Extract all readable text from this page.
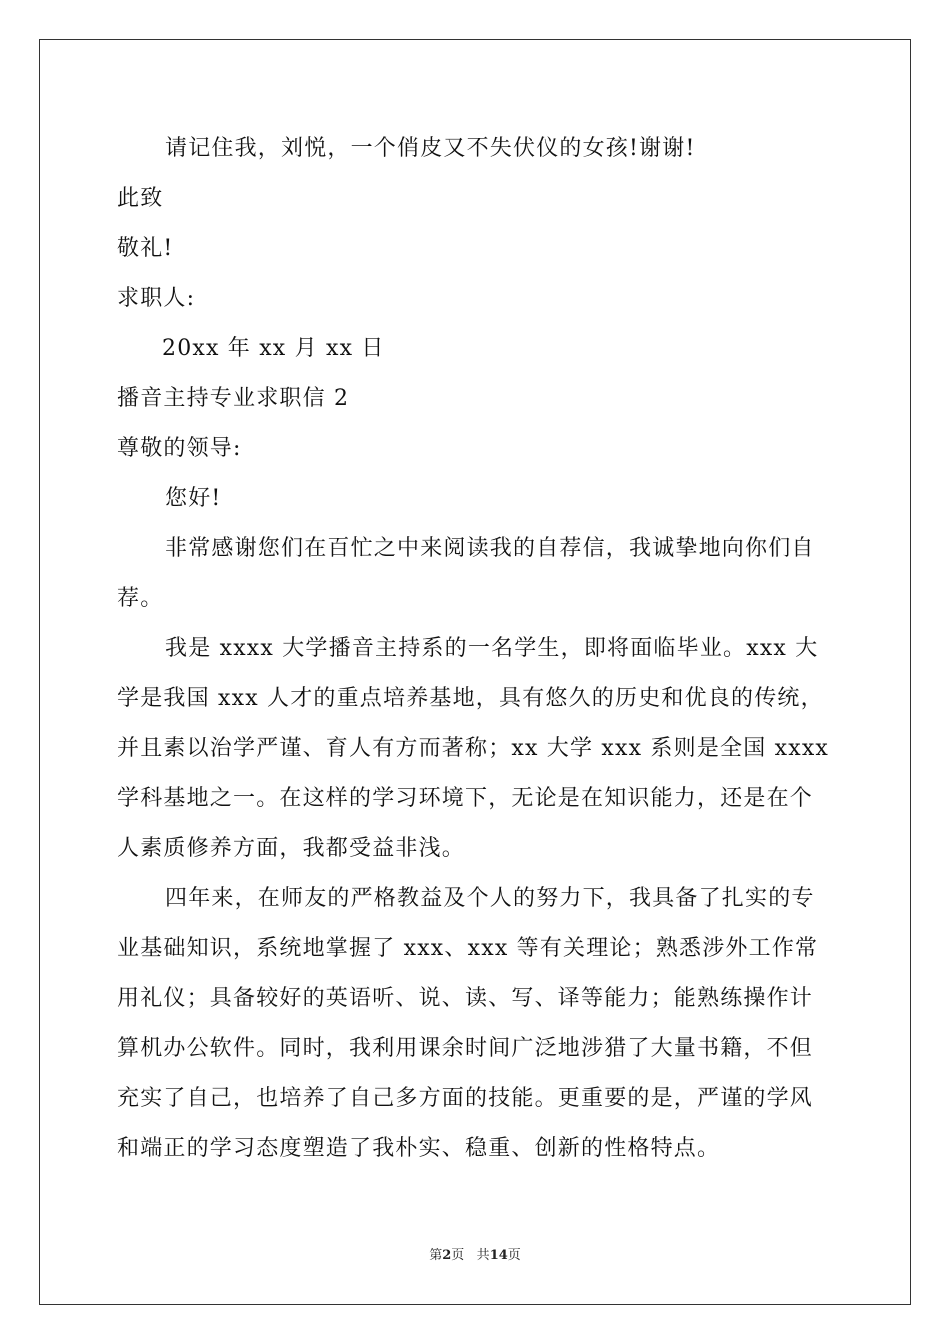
请记住我，刘悦，一个俏皮又不失伏仪的女孩!谢谢!
此致
敬礼!
求职人:
20xx 年 xx 月 xx 日
播音主持专业求职信 2
尊敬的领导:
您好!
非常感谢您们在百忙之中来阅读我的自荐信，我诚挚地向你们自
荐。
我是 xxxx 大学播音主持系的一名学生，即将面临毕业。xxx 大
学是我国 xxx 人才的重点培养基地，具有悠久的历史和优良的传统，
并且素以治学严谨、育人有方而著称；xx 大学 xxx 系则是全国 xxxx
学科基地之一。在这样的学习环境下，无论是在知识能力，还是在个
人素质修养方面，我都受益非浅。
四年来，在师友的严格教益及个人的努力下，我具备了扎实的专
业基础知识，系统地掌握了 xxx、xxx 等有关理论；熟悉涉外工作常
用礼仪；具备较好的英语听、说、读、写、译等能力；能熟练操作计
算机办公软件。同时，我利用课余时间广泛地涉猎了大量书籍，不但
充实了自己，也培养了自己多方面的技能。更重要的是，严谨的学风
和端正的学习态度塑造了我朴实、稳重、创新的性格特点。
第2页 共14页
